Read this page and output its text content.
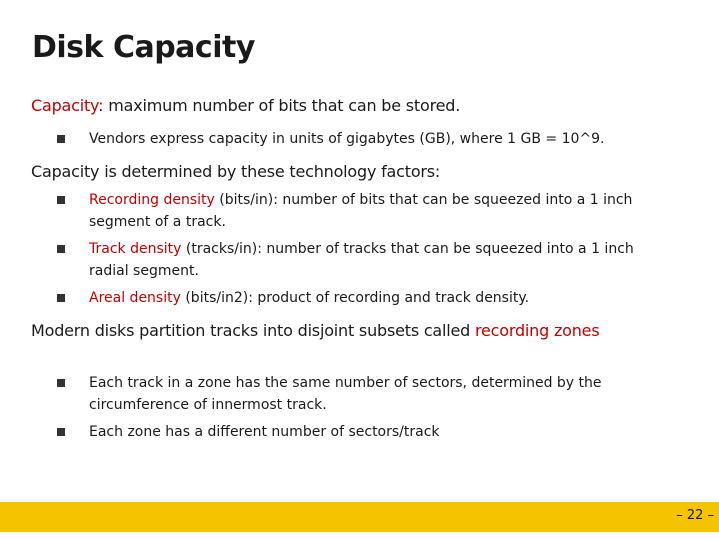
Disk Capacity
Capacity: maximum number of bits that can be stored.
Vendors express capacity in units of gigabytes (GB), where 1 GB = 10^9.
Capacity is determined by these technology factors:
Recording density (bits/in): number of bits that can be squeezed into a 1 inch
segment of a track.
Track density (tracks/in): number of tracks that can be squeezed into a 1 inch
radial segment.
Areal density (bits/in2): product of recording and track density.
Modern disks partition tracks into disjoint subsets called recording zones
Each track in a zone has the same number of sectors, determined by the
circumference of innermost track.
Each zone has a different number of sectors/track
– 22 –
